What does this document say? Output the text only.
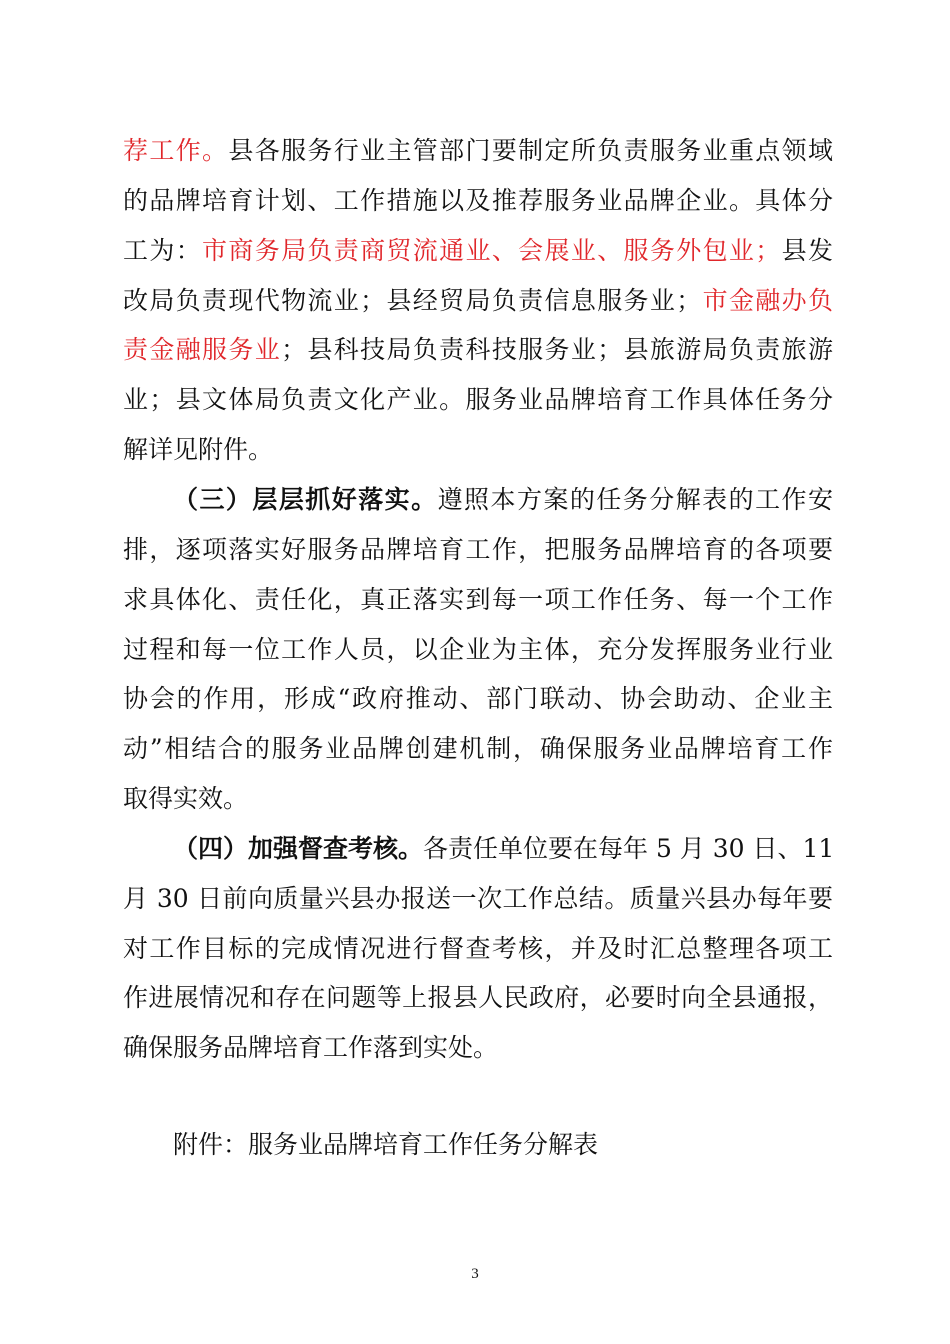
荐工作。县各服务行业主管部门要制定所负责服务业重点领域
的品牌培育计划、工作措施以及推荐服务业品牌企业。具体分
工为：市商务局负责商贸流通业、会展业、服务外包业；县发
改局负责现代物流业；县经贸局负责信息服务业；市金融办负
责金融服务业；县科技局负责科技服务业；县旅游局负责旅游
业；县文体局负责文化产业。服务业品牌培育工作具体任务分
解详见附件。
（三）层层抓好落实。遵照本方案的任务分解表的工作安
排，逐项落实好服务品牌培育工作，把服务品牌培育的各项要
求具体化、责任化，真正落实到每一项工作任务、每一个工作
过程和每一位工作人员，以企业为主体，充分发挥服务业行业
协会的作用，形成“政府推动、部门联动、协会助动、企业主
动”相结合的服务业品牌创建机制，确保服务业品牌培育工作
取得实效。
（四）加强督查考核。各责任单位要在每年 5 月 30 日、11
月 30 日前向质量兴县办报送一次工作总结。质量兴县办每年要
对工作目标的完成情况进行督查考核，并及时汇总整理各项工
作进展情况和存在问题等上报县人民政府，必要时向全县通报，
确保服务品牌培育工作落到实处。
附件：服务业品牌培育工作任务分解表
3
